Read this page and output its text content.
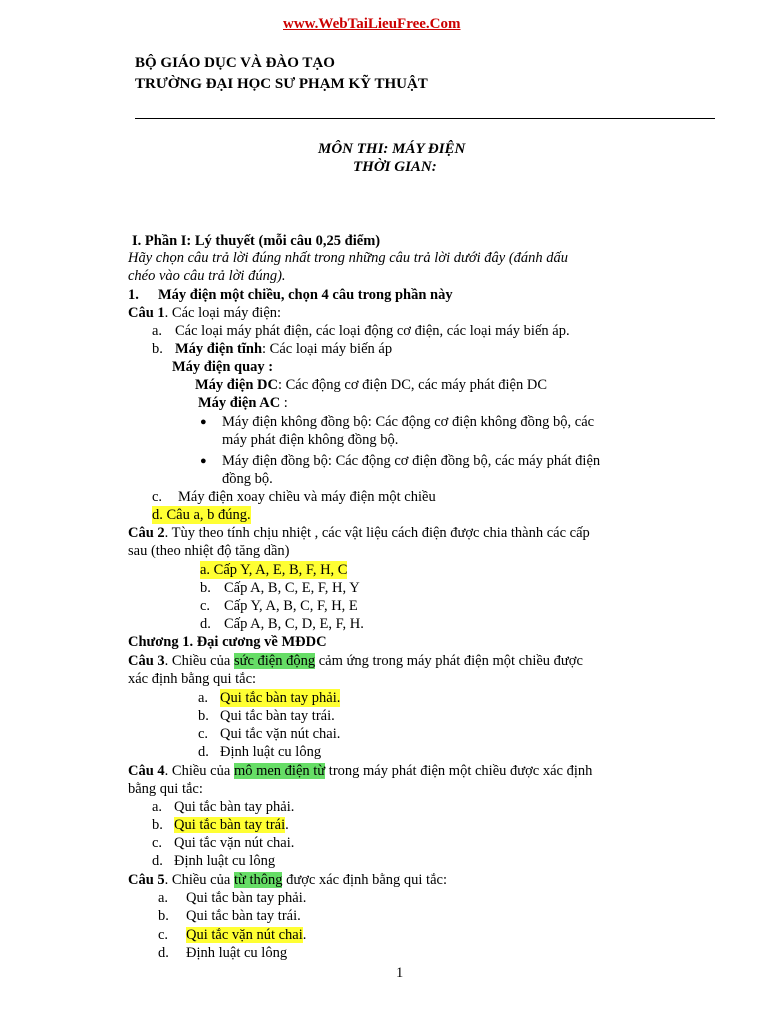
www.WebTaiLieuFree.Com
BỘ GIÁO DỤC VÀ ĐÀO TẠO
TRƯỜNG ĐẠI HỌC SƯ PHẠM KỸ THUẬT
MÔN THI: MÁY ĐIỆN
THỜI GIAN:
I. Phần I: Lý thuyết (mỗi câu 0,25 điểm)
Hãy chọn câu trả lời đúng nhất trong những câu trả lời dưới đây (đánh dấu
chéo vào câu trả lời đúng).
1. Máy điện một chiều, chọn 4 câu trong phần này
Câu 1. Các loại máy điện:
a. Các loại máy phát điện, các loại động cơ điện, các loại máy biến áp.
b. Máy điện tĩnh: Các loại máy biến áp
Máy điện quay :
Máy điện DC: Các động cơ điện DC, các máy phát điện DC
Máy điện AC :
● Máy điện không đồng bộ: Các động cơ điện không đồng bộ, các
máy phát điện không đồng bộ.
● Máy điện đồng bộ: Các động cơ điện đồng bộ, các máy phát điện
đồng bộ.
c. Máy điện xoay chiều và máy điện một chiều
d. Câu a, b đúng.
Câu 2. Tùy theo tính chịu nhiệt , các vật liệu cách điện được chia thành các cấp
sau (theo nhiệt độ tăng dần)
a. Cấp Y, A, E, B, F, H, C
b. Cấp A, B, C, E, F, H, Y
c. Cấp Y, A, B, C, F, H, E
d. Cấp A, B, C, D, E, F, H.
Chương 1. Đại cương về MĐDC
Câu 3. Chiều của sức điện động cảm ứng trong máy phát điện một chiều được
xác định bằng qui tắc:
a. Qui tắc bàn tay phải.
b. Qui tắc bàn tay trái.
c. Qui tắc vặn nút chai.
d. Định luật cu lông
Câu 4. Chiều của mô men điện từ trong máy phát điện một chiều được xác định
bằng qui tắc:
a. Qui tắc bàn tay phải.
b. Qui tắc bàn tay trái.
c. Qui tắc vặn nút chai.
d. Định luật cu lông
Câu 5. Chiều của từ thông được xác định bằng qui tắc:
a. Qui tắc bàn tay phải.
b. Qui tắc bàn tay trái.
c. Qui tắc vặn nút chai.
d. Định luật cu lông
1
